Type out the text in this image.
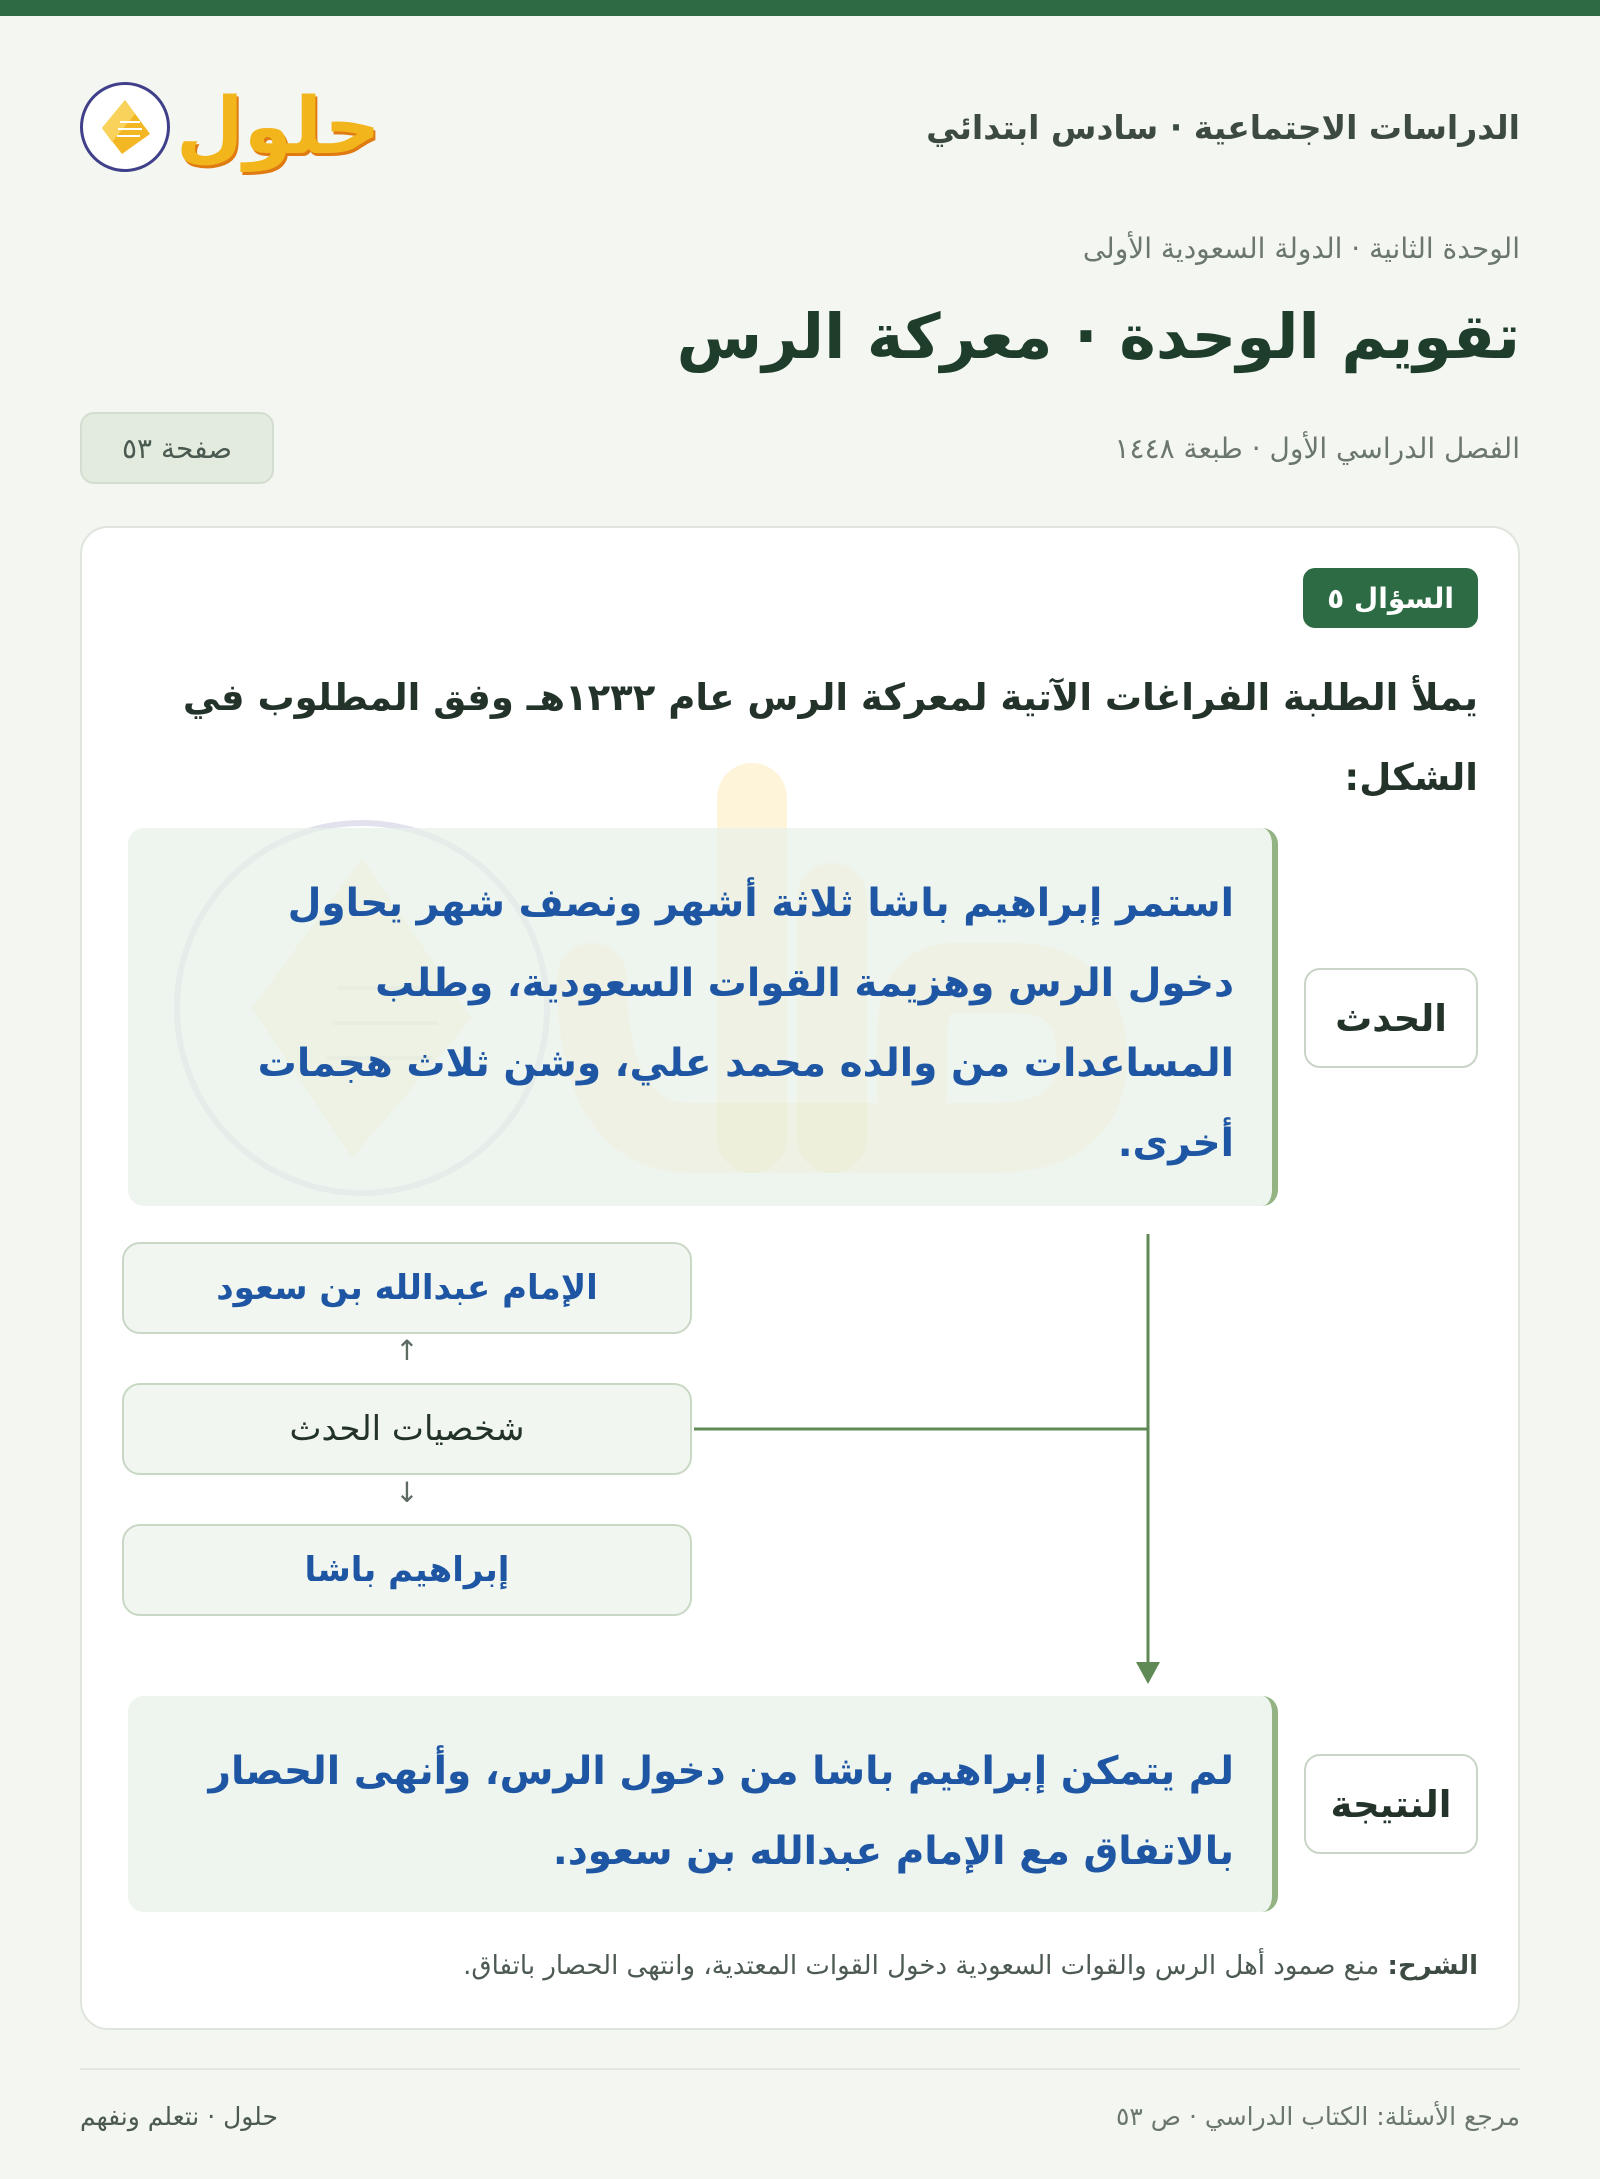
الدراسات الاجتماعية · سادس ابتدائي
حلول
الوحدة الثانية · الدولة السعودية الأولى
تقويم الوحدة · معركة الرس
الفصل الدراسي الأول · طبعة ١٤٤٨
صفحة ٥٣
السؤال ٥

يملأ الطلبة الفراغات الآتية لمعركة الرس عام ١٢٣٢هـ وفق المطلوب في الشكل:

استمر إبراهيم باشا ثلاثة أشهر ونصف شهر يحاول دخول الرس وهزيمة القوات السعودية، وطلب المساعدات من والده محمد علي، وشن ثلاث هجمات أخرى.
الحدث
الإمام عبدالله بن سعود
↑
شخصيات الحدث
↓
إبراهيم باشا
لم يتمكن إبراهيم باشا من دخول الرس، وأنهى الحصار بالاتفاق مع الإمام عبدالله بن سعود.
النتيجة

الشرح: منع صمود أهل الرس والقوات السعودية دخول القوات المعتدية، وانتهى الحصار باتفاق.

مرجع الأسئلة: الكتاب الدراسي · ص ٥٣
حلول · نتعلم ونفهم
